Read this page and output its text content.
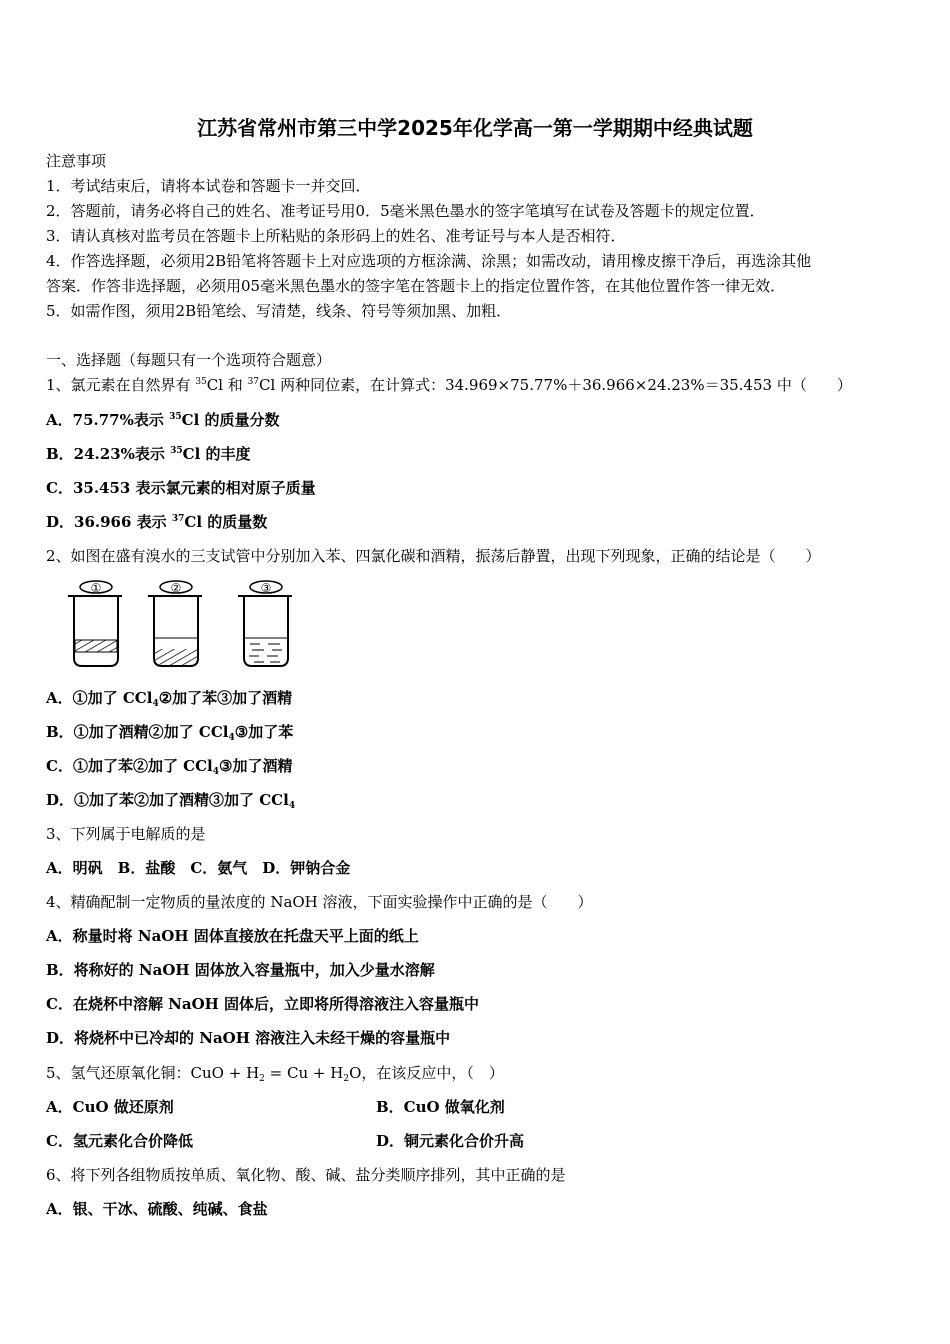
江苏省常州市第三中学2025年化学高一第一学期期中经典试题
注意事项
1．考试结束后，请将本试卷和答题卡一并交回．
2．答题前，请务必将自己的姓名、准考证号用0．5毫米黑色墨水的签字笔填写在试卷及答题卡的规定位置．
3．请认真核对监考员在答题卡上所粘贴的条形码上的姓名、准考证号与本人是否相符．
4．作答选择题，必须用2B铅笔将答题卡上对应选项的方框涂满、涂黑；如需改动，请用橡皮擦干净后，再选涂其他
答案．作答非选择题，必须用05毫米黑色墨水的签字笔在答题卡上的指定位置作答，在其他位置作答一律无效．
5．如需作图，须用2B铅笔绘、写清楚，线条、符号等须加黑、加粗．
一、选择题（每题只有一个选项符合题意）
1、氯元素在自然界有 $^{35}$Cl 和 $^{37}$Cl 两种同位素，在计算式：34.969×75.77%＋36.966×24.23%＝35.453 中（　　）
A．75.77%表示 $^{35}$Cl 的质量分数
B．24.23%表示 $^{35}$Cl 的丰度
C．35.453 表示氯元素的相对原子质量
D．36.966 表示 $^{37}$Cl 的质量数
2、如图在盛有溴水的三支试管中分别加入苯、四氯化碳和酒精，振荡后静置，出现下列现象，正确的结论是（　　）
A．①加了 CCl$_4$②加了苯③加了酒精
B．①加了酒精②加了 CCl$_4$③加了苯
C．①加了苯②加了 CCl$_4$③加了酒精
D．①加了苯②加了酒精③加了 CCl$_4$
3、下列属于电解质的是
A．明矾　B．盐酸　C．氨气　D．钾钠合金
4、精确配制一定物质的量浓度的 NaOH 溶液，下面实验操作中正确的是（　　）
A．称量时将 NaOH 固体直接放在托盘天平上面的纸上
B．将称好的 NaOH 固体放入容量瓶中，加入少量水溶解
C．在烧杯中溶解 NaOH 固体后，立即将所得溶液注入容量瓶中
D．将烧杯中已冷却的 NaOH 溶液注入未经干燥的容量瓶中
5、氢气还原氧化铜：CuO + $H_2 = Cu + H_2O$，在该反应中，（　）
A．CuO 做还原剂	B．CuO 做氧化剂
C．氢元素化合价降低	D．铜元素化合价升高
6、将下列各组物质按单质、氧化物、酸、碱、盐分类顺序排列，其中正确的是
A．银、干冰、硫酸、纯碱、食盐
①	②	③
